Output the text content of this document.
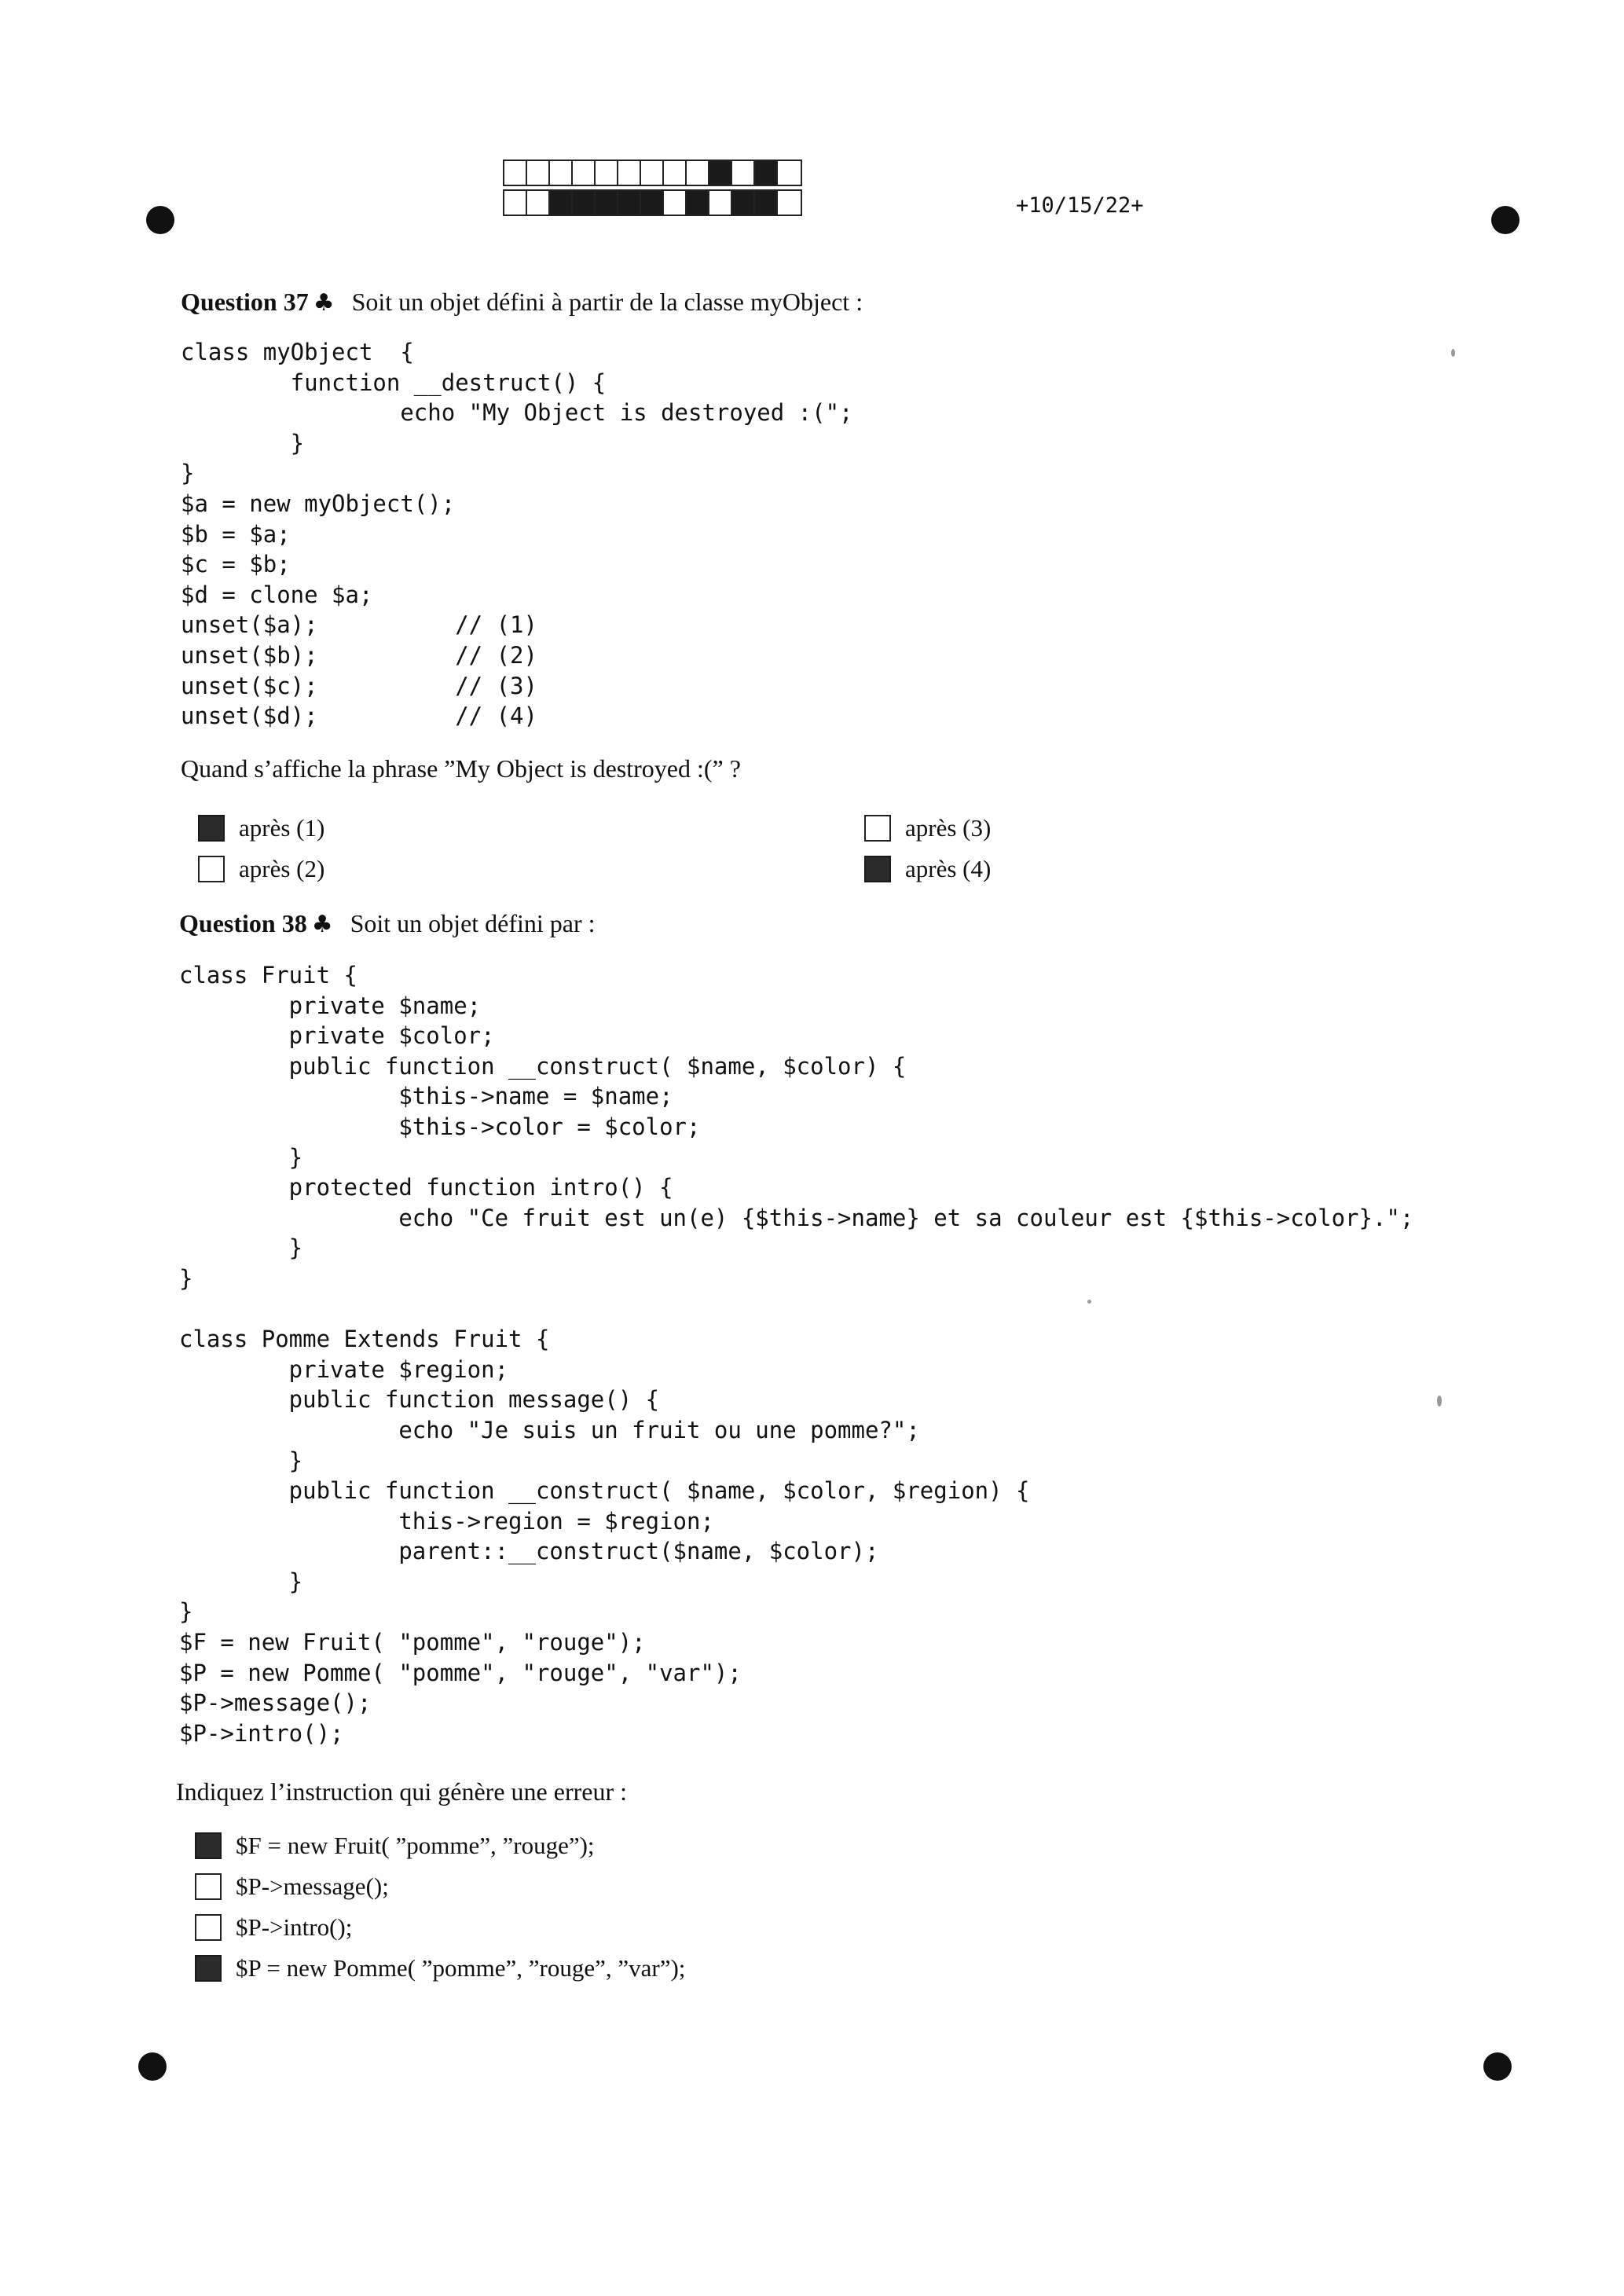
+10/15/22+
Question 37 ♣ Soit un objet défini à partir de la classe myObject :
class myObject  {
function __destruct() {
echo "My Object is destroyed :(";
}
}
$a = new myObject();
$b = $a;
$c = $b;
$d = clone $a;
unset($a);          // (1)
unset($b);          // (2)
unset($c);          // (3)
unset($d);          // (4)
Quand s’affiche la phrase ”My Object is destroyed :(” ?
après (1)
après (2)
après (3)
après (4)
Question 38 ♣ Soit un objet défini par :
class Fruit {
private $name;
private $color;
public function __construct( $name, $color) {
$this->name = $name;
$this->color = $color;
}
protected function intro() {
echo "Ce fruit est un(e) {$this->name} et sa couleur est {$this->color}.";
}
}

class Pomme Extends Fruit {
private $region;
public function message() {
echo "Je suis un fruit ou une pomme?";
}
public function __construct( $name, $color, $region) {
this->region = $region;
parent::__construct($name, $color);
}
}
$F = new Fruit( "pomme", "rouge");
$P = new Pomme( "pomme", "rouge", "var");
$P->message();
$P->intro();
Indiquez l’instruction qui génère une erreur :
$F = new Fruit( ”pomme”, ”rouge”);
$P->message();
$P->intro();
$P = new Pomme( ”pomme”, ”rouge”, ”var”);
